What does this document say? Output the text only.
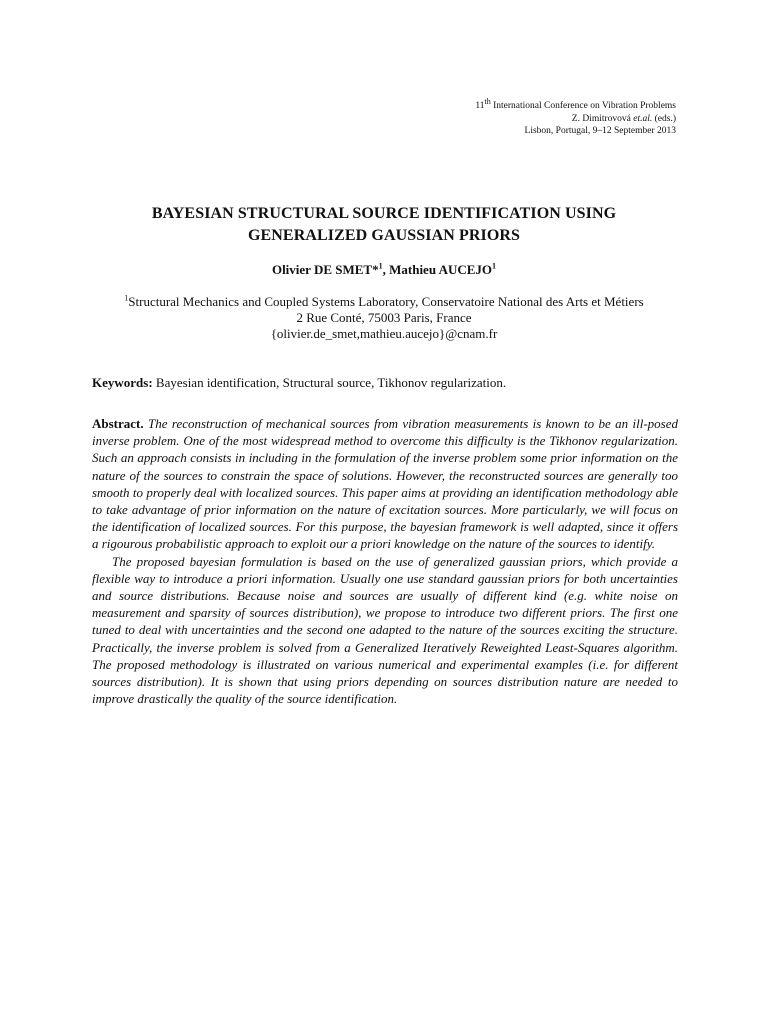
11th International Conference on Vibration Problems
Z. Dimitrovová et.al. (eds.)
Lisbon, Portugal, 9–12 September 2013
BAYESIAN STRUCTURAL SOURCE IDENTIFICATION USING
GENERALIZED GAUSSIAN PRIORS
Olivier DE SMET*$^1$, Mathieu AUCEJO$^1$
$^1$Structural Mechanics and Coupled Systems Laboratory, Conservatoire National des Arts et Métiers
2 Rue Conté, 75003 Paris, France
{olivier.de_smet,mathieu.aucejo}@cnam.fr
Keywords: Bayesian identification, Structural source, Tikhonov regularization.

Abstract. The reconstruction of mechanical sources from vibration measurements is known to be an ill-posed inverse problem. One of the most widespread method to overcome this difficulty is the Tikhonov regularization. Such an approach consists in including in the formulation of the inverse problem some prior information on the nature of the sources to constrain the space of solutions. However, the reconstructed sources are generally too smooth to properly deal with localized sources. This paper aims at providing an identification methodology able to take advantage of prior information on the nature of excitation sources. More particularly, we will focus on the identification of localized sources. For this purpose, the bayesian framework is well adapted, since it offers a rigourous probabilistic approach to exploit our a priori knowledge on the nature of the sources to identify.

The proposed bayesian formulation is based on the use of generalized gaussian priors, which provide a flexible way to introduce a priori information. Usually one use standard gaussian priors for both uncertainties and source distributions. Because noise and sources are usually of different kind (e.g. white noise on measurement and sparsity of sources distribution), we propose to introduce two different priors. The first one tuned to deal with uncertainties and the second one adapted to the nature of the sources exciting the structure. Practically, the inverse problem is solved from a Generalized Iteratively Reweighted Least-Squares algorithm. The proposed methodology is illustrated on various numerical and experimental examples (i.e. for different sources distribution). It is shown that using priors depending on sources distribution nature are needed to improve drastically the quality of the source identification.
